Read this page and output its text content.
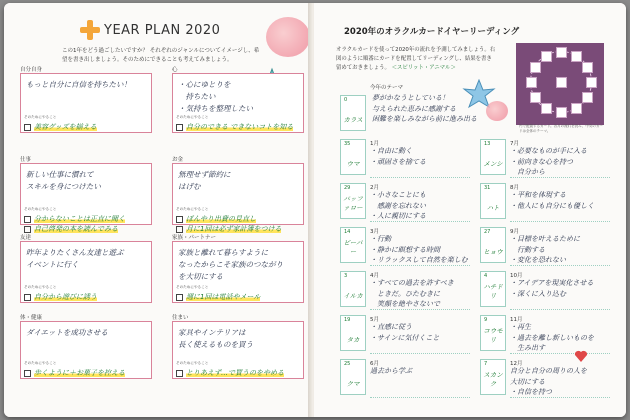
YEAR PLAN 2020
この1年をどう過ごしたいですか？ それぞれのジャンルについてイメージし、希望を書き出しましょう。そのためにできることも考えてみましょう。
自分自身
もっと自分に自信を持ちたい！
そのためにやること
美容グッズを揃える
心
・心にゆとりを
　持ちたい
・気持ちを整理したい
そのためにやること
自分のできる できないコトを知る
仕事
新しい仕事に慣れて
スキルを身につけたい
そのためにやること
分からないことは正直に聞く
お金
無理せず節約に
はげむ
そのためにやること
ぼんやり出費の見直し
友達
昨年よりたくさん友達と遊ぶ
イベントに行く
そのためにやること
自分から遊びに誘う
家族・パートナー
家族と離れて暮らすように
なったからこそ家族のつながり
を大切にする
そのためにやること
週に1回は電話やメール
体・健康
ダイエットを成功させる
そのためにやること
歩くように＋お菓子を控える
住まい
家具やインテリアは
長く使えるものを買う
そのためにやること
とりあえず…で買うのをやめる
自己啓発の本を読んでみる	月に1回は必ず家計簿をつける
2020年のオラクルカードイヤーリーディング
オラクルカードを使って2020年の流れを予測してみましょう。右図のように順番にカードを配置してリーディングし、結果を書き留めておきましょう。 ＜スピリット・アニマル＞
円で配置するカード。各月の流れを読み、中央のカードは全体のテーマ。
0
カラス
今年のテーマ
夢がかなうとしている！
与えられた恵みに感謝する
困難を楽しみながら前に進み出る
35
ウマ
1月
・自由に動く
・頑固さを捨てる
29
パッファロー
2月
・小さなことにも
　感謝を忘れない
・人に親切にする
14
ビーバー
3月
・行動
・静かに瞑想する時間
・リラックスして自然を楽しむ
3
イルカ
4月
・すべての過去を許すべき
　ときだ。ひたむきに
　笑顔を絶やさないで
19
タカ
5月
・直感に従う
・サインに気付くこと
25
クマ
6月
過去から学ぶ
13
メンシ
7月
・必要なものが手に入る
・前向きな心を持つ
　自分から
31
ハト
8月
・平和を体現する
・他人にも自分にも優しく
27
ヒョウ
9月
・目標を叶えるために
　行動する
・変化を恐れない
4
ハチドリ
10月
・アイデアを現実化させる
・深くに入り込む
9
コウモリ
11月
・再生
・過去を離し新しいものを
　生み出す
7
スカンク
12月
自分と自分の周りの人を
大切にする
・自信を持つ
